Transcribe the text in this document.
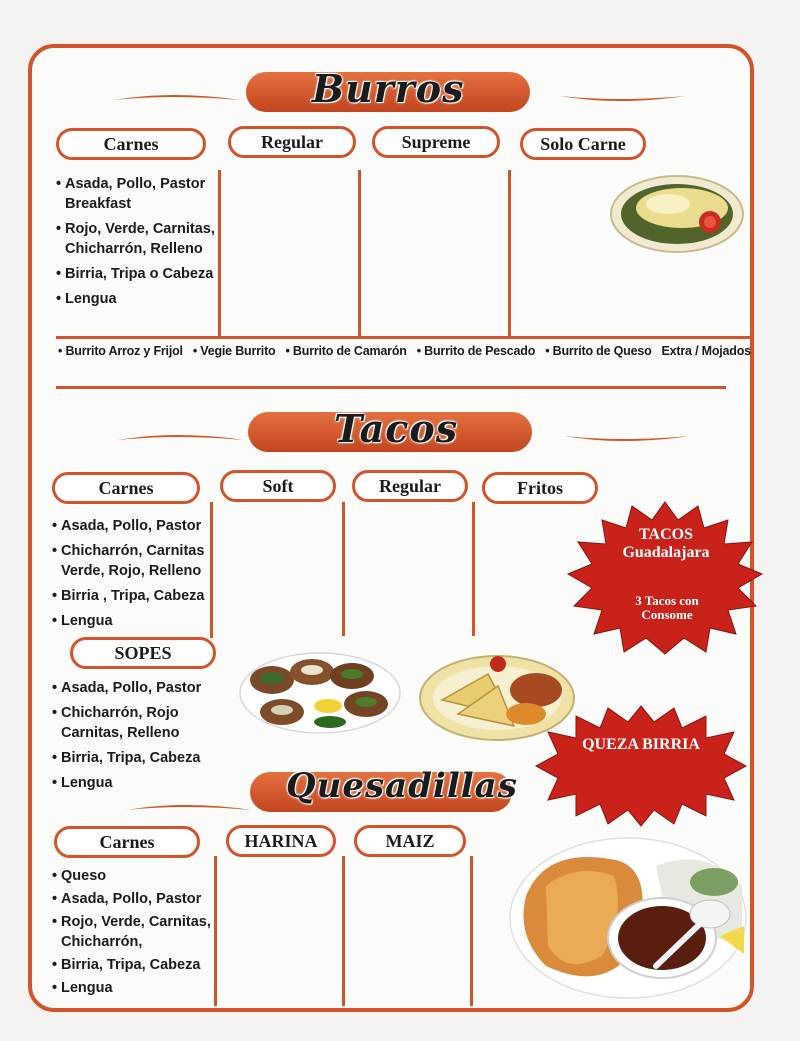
Burros
Carnes	Regular	Supreme	Solo Carne
• Asada, Pollo, Pastor Breakfast
• Rojo, Verde, Carnitas, Chicharrón, Relleno
• Birria, Tripa o Cabeza
• Lengua
• Burrito Arroz y Frijol • Vegie Burrito • Burrito de Camarón • Burrito de Pescado • Burrito de Queso Extra / Mojados
Tacos
Carnes	Soft	Regular	Fritos
• Asada, Pollo, Pastor
• Chicharrón, Carnitas Verde, Rojo, Relleno
• Birria , Tripa, Cabeza
• Lengua
TACOS Guadalajara
3 Tacos con Consome
SOPES
• Asada, Pollo, Pastor
• Chicharrón, Rojo Carnitas, Relleno
• Birria, Tripa, Cabeza
• Lengua
QUEZA BIRRIA
Quesadillas
Carnes	HARINA	MAIZ
• Queso
• Asada, Pollo, Pastor
• Rojo, Verde, Carnitas, Chicharrón,
• Birria, Tripa, Cabeza
• Lengua
